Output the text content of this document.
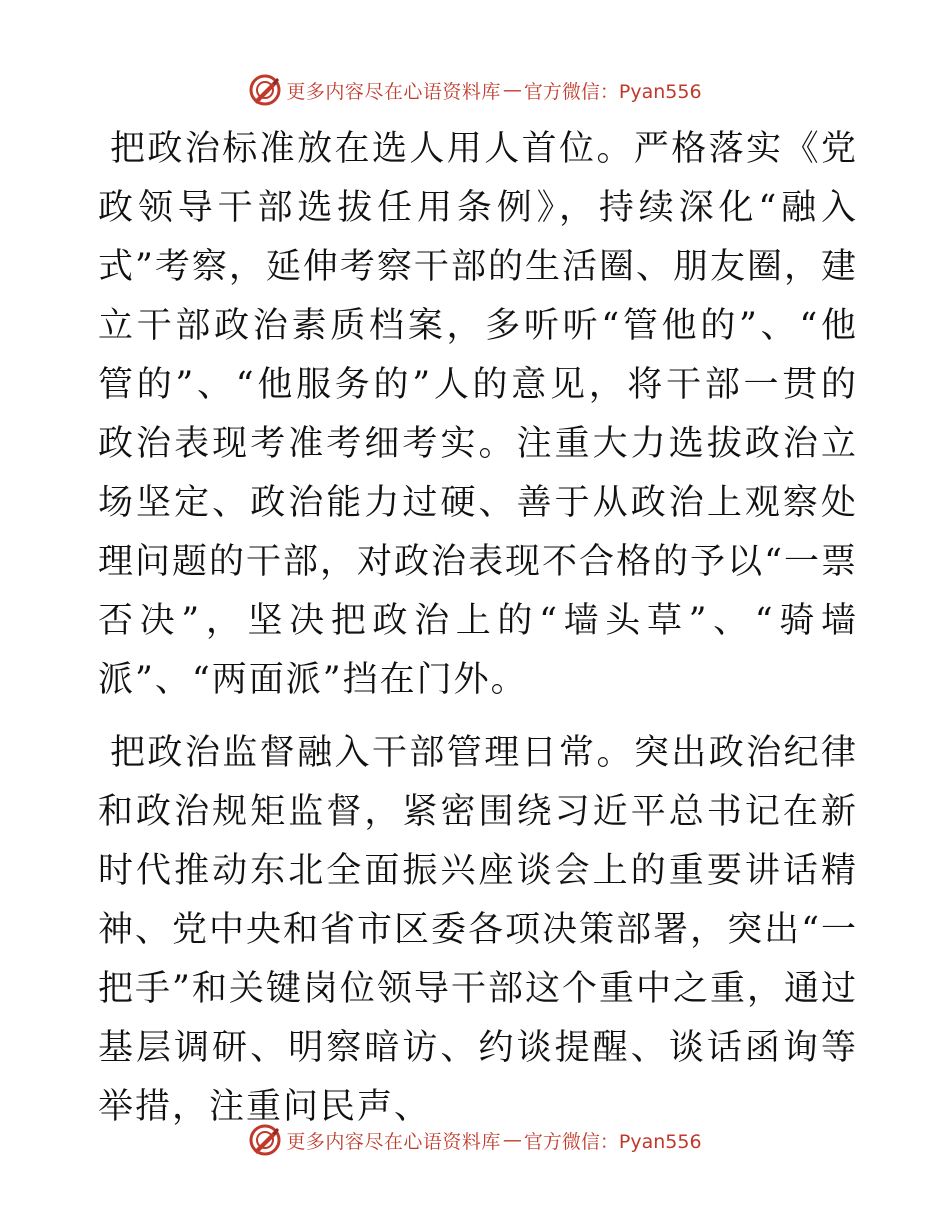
更多内容尽在心语资料库 — 官方微信：Pyan556

把政治标准放在选人用人首位。严格落实《党政领导干部选拔任用条例》，持续深化“融入式”考察，延伸考察干部的生活圈、朋友圈，建立干部政治素质档案，多听听“管他的”、“他管的”、“他服务的”人的意见，将干部一贯的政治表现考准考细考实。注重大力选拔政治立场坚定、政治能力过硬、善于从政治上观察处理问题的干部，对政治表现不合格的予以“一票否决”，坚决把政治上的“墙头草”、“骑墙派”、“两面派”挡在门外。

把政治监督融入干部管理日常。突出政治纪律和政治规矩监督，紧密围绕习近平总书记在新时代推动东北全面振兴座谈会上的重要讲话精神、党中央和省市区委各项决策部署，突出“一把手”和关键岗位领导干部这个重中之重，通过基层调研、明察暗访、约谈提醒、谈话函询等举措，注重问民声、

更多内容尽在心语资料库 — 官方微信：Pyan556
